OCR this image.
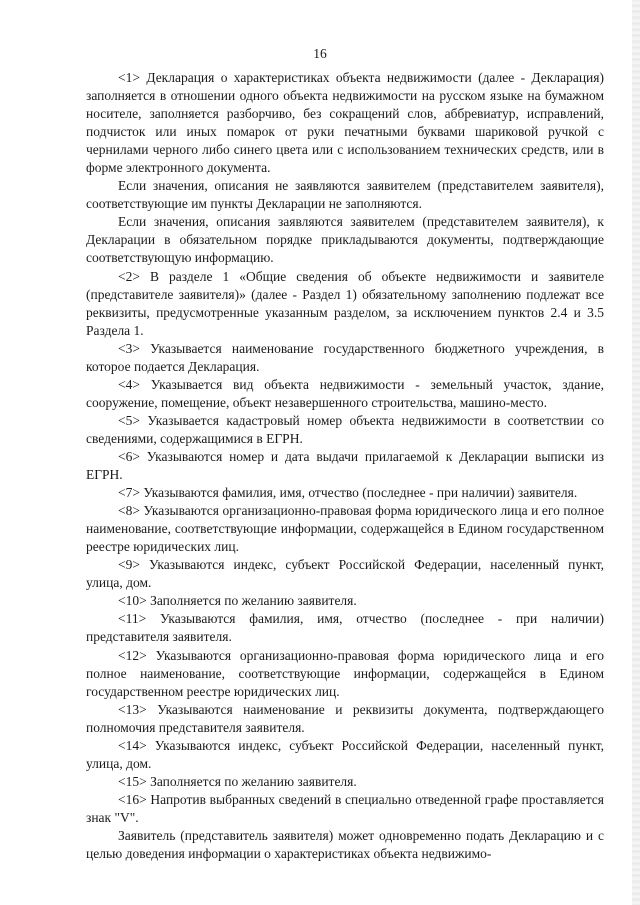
16

<1> Декларация о характеристиках объекта недвижимости (далее - Декларация) заполняется в отношении одного объекта недвижимости на русском языке на бумажном носителе, заполняется разборчиво, без сокращений слов, аббревиатур, исправлений, подчисток или иных помарок от руки печатными буквами шариковой ручкой с чернилами черного либо синего цвета или с использованием технических средств, или в форме электронного документа.

Если значения, описания не заявляются заявителем (представителем заявителя), соответствующие им пункты Декларации не заполняются.

Если значения, описания заявляются заявителем (представителем заявителя), к Декларации в обязательном порядке прикладываются документы, подтверждающие соответствующую информацию.

<2> В разделе 1 «Общие сведения об объекте недвижимости и заявителе (представителе заявителя)» (далее - Раздел 1) обязательному заполнению подлежат все реквизиты, предусмотренные указанным разделом, за исключением пунктов 2.4 и 3.5 Раздела 1.

<3> Указывается наименование государственного бюджетного учреждения, в которое подается Декларация.

<4> Указывается вид объекта недвижимости - земельный участок, здание, сооружение, помещение, объект незавершенного строительства, машино-место.

<5> Указывается кадастровый номер объекта недвижимости в соответствии со сведениями, содержащимися в ЕГРН.

<6> Указываются номер и дата выдачи прилагаемой к Декларации выписки из ЕГРН.

<7> Указываются фамилия, имя, отчество (последнее - при наличии) заявителя.

<8> Указываются организационно-правовая форма юридического лица и его полное наименование, соответствующие информации, содержащейся в Едином государственном реестре юридических лиц.

<9> Указываются индекс, субъект Российской Федерации, населенный пункт, улица, дом.

<10> Заполняется по желанию заявителя.

<11> Указываются фамилия, имя, отчество (последнее - при наличии) представителя заявителя.

<12> Указываются организационно-правовая форма юридического лица и его полное наименование, соответствующие информации, содержащейся в Едином государственном реестре юридических лиц.

<13> Указываются наименование и реквизиты документа, подтверждающего полномочия представителя заявителя.

<14> Указываются индекс, субъект Российской Федерации, населенный пункт, улица, дом.

<15> Заполняется по желанию заявителя.

<16> Напротив выбранных сведений в специально отведенной графе проставляется знак "V".

Заявитель (представитель заявителя) может одновременно подать Декларацию и с целью доведения информации о характеристиках объекта недвижимо-
